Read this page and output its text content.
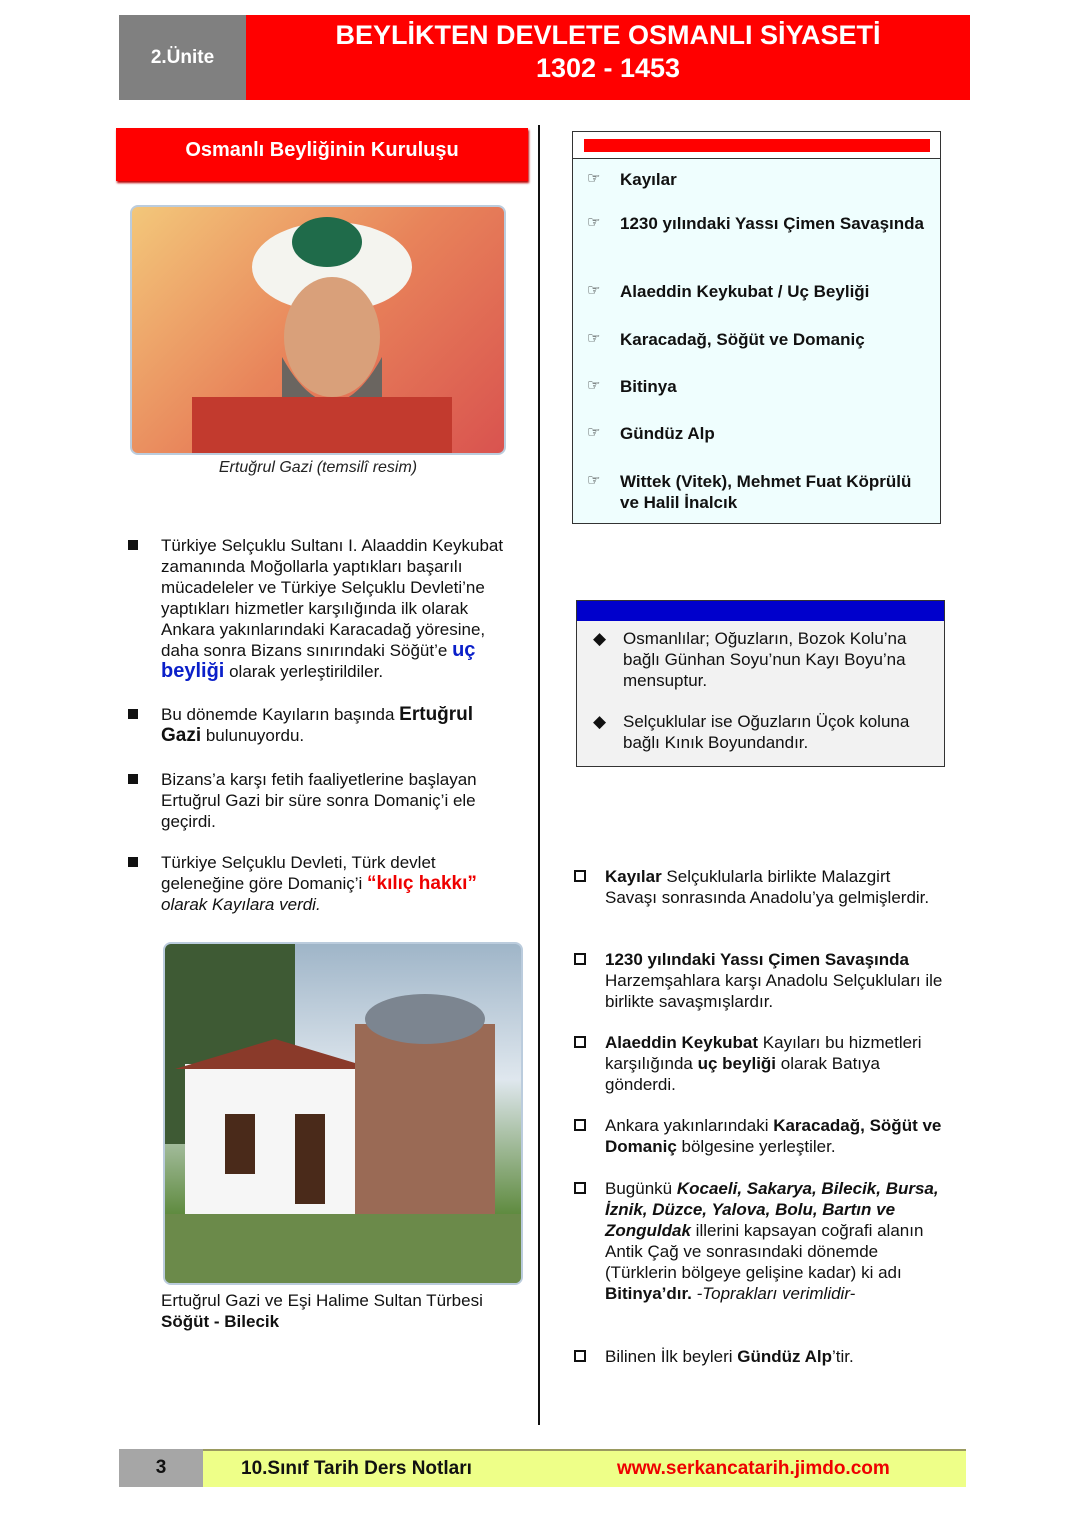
2.Ünite
BEYLİKTEN DEVLETE OSMANLI SİYASETİ
1302 - 1453
Osmanlı Beyliğinin Kuruluşu
Ertuğrul Gazi (temsilî resim)
Ertuğrul Gazi ve Eşi Halime Sultan Türbesi
Söğüt - Bilecik
☞ Kayılar
☞ 1230 yılındaki Yassı Çimen Savaşında
☞ Alaeddin Keykubat / Uç Beyliği
☞ Karacadağ, Söğüt ve Domaniç
☞ Bitinya
☞ Gündüz Alp
☞ Wittek (Vitek), Mehmet Fuat Köprülü ve Halil İnalcık
◆ Osmanlılar; Oğuzların, Bozok Kolu’na bağlı Günhan Soyu’nun Kayı Boyu’na mensuptur.
◆ Selçuklular ise Oğuzların Üçok koluna bağlı Kınık Boyundandır.
3	10.Sınıf Tarih Ders Notları	www.serkancatarih.jimdo.com
Türkiye Selçuklu Sultanı I. Alaaddin Keykubat zamanında Moğollarla yaptıkları başarılı mücadeleler ve Türkiye Selçuklu Devleti’ne yaptıkları hizmetler karşılığında ilk olarak Ankara yakınlarındaki Karacadağ yöresine, daha sonra Bizans sınırındaki Söğüt’e uç beyliği olarak yerleştirildiler.
Bu dönemde Kayıların başında Ertuğrul Gazi bulunuyordu.
Bizans’a karşı fetih faaliyetlerine başlayan Ertuğrul Gazi bir süre sonra Domaniç’i ele geçirdi.
Türkiye Selçuklu Devleti, Türk devlet geleneğine göre Domaniç’i “kılıç hakkı” olarak Kayılara verdi.
Kayılar Selçuklularla birlikte Malazgirt Savaşı sonrasında Anadolu’ya gelmişlerdir.
1230 yılındaki Yassı Çimen Savaşında Harzemşahlara karşı Anadolu Selçukluları ile birlikte savaşmışlardır.
Alaeddin Keykubat Kayıları bu hizmetleri karşılığında uç beyliği olarak Batıya gönderdi.
Ankara yakınlarındaki Karacadağ, Söğüt ve Domaniç bölgesine yerleştiler.
Bugünkü Kocaeli, Sakarya, Bilecik, Bursa, İznik, Düzce, Yalova, Bolu, Bartın ve Zonguldak illerini kapsayan coğrafi alanın Antik Çağ ve sonrasındaki dönemde (Türklerin bölgeye gelişine kadar) ki adı Bitinya’dır. -Toprakları verimlidir-
Bilinen İlk beyleri Gündüz Alp’tir.
